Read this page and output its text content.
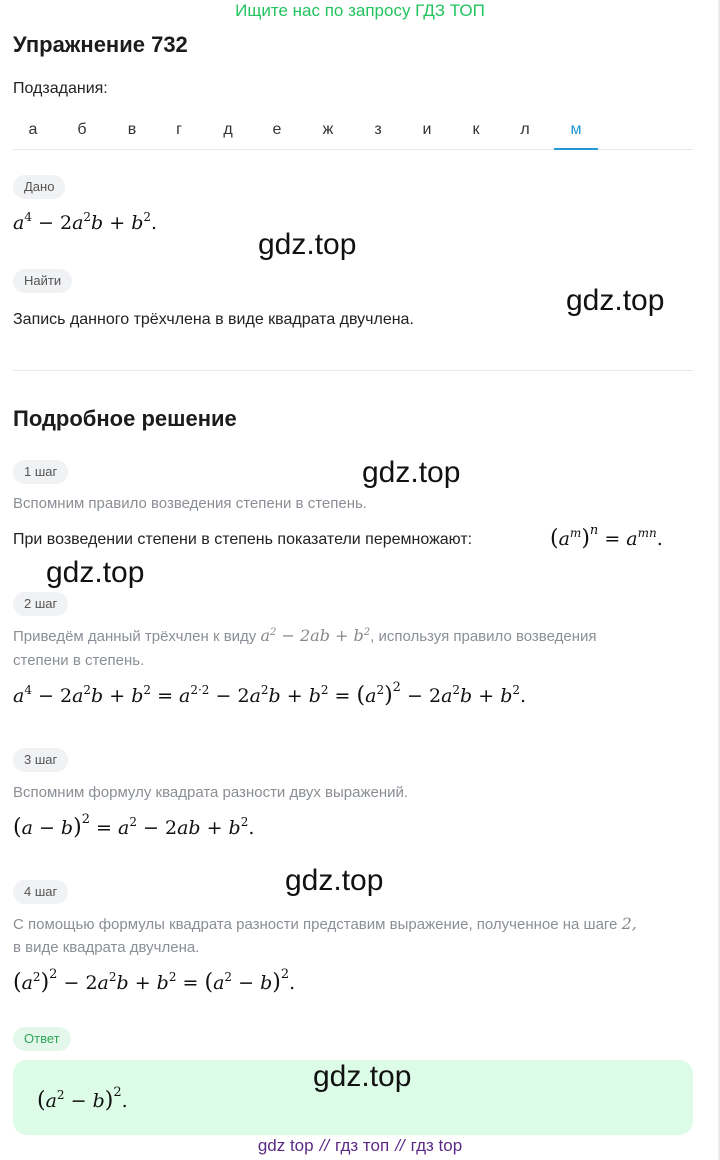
Ищите нас по запросу ГДЗ ТОП
Упражнение 732
Подзадания:
а	б	в	г	д	е	ж	з	и	к	л	м
Дано
$a^4 - 2a^2b + b^2$.
gdz.top
Найти
gdz.top
Запись данного трёхчлена в виде квадрата двучлена.
Подробное решение
1 шаг	gdz.top
Вспомним правило возведения степени в степень.
При возведении степени в степень показатели перемножают:	$(a^m)^n = a^{mn}$.
gdz.top
2 шаг
Приведём данный трёхчлен к виду $a^2 - 2ab + b^2$, используя правило возведения
степени в степень.
$a^4 - 2a^2b + b^2 = a^{2\cdot 2} - 2a^2b + b^2 = (a^2)^2 - 2a^2b + b^2$.
3 шаг
Вспомним формулу квадрата разности двух выражений.
$(a - b)^2 = a^2 - 2ab + b^2$.
gdz.top
4 шаг
С помощью формулы квадрата разности представим выражение, полученное на шаге 2,
в виде квадрата двучлена.
$(a^2)^2 - 2a^2b + b^2 = (a^2 - b)^2$.
Ответ
gdz.top
$(a^2 - b)^2$.
gdz top // гдз топ // гдз top
